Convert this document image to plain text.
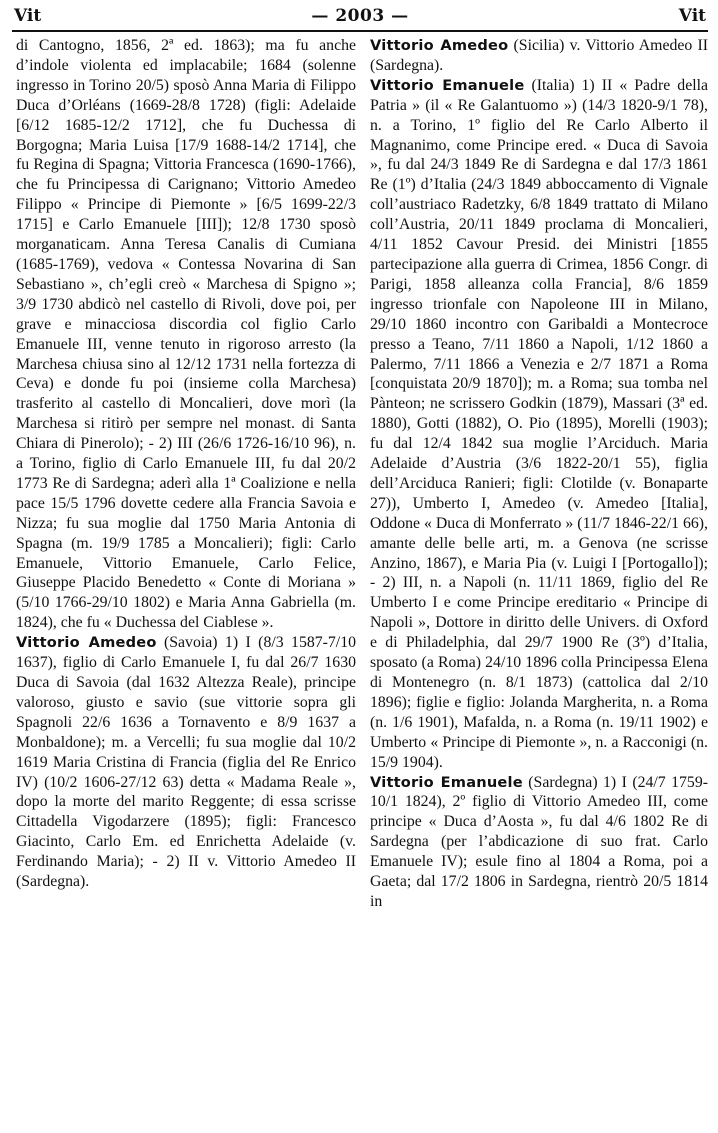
Vit	— 2003 —	Vit

di Cantogno, 1856, 2ª ed. 1863); ma fu anche d’indole violenta ed implacabile; 1684 (solenne ingresso in Torino 20/5) sposò Anna Maria di Filippo Duca d’Orléans (1669-28/8 1728) (figli: Adelaide [6/12 1685-12/2 1712], che fu Duchessa di Borgogna; Maria Luisa [17/9 1688-14/2 1714], che fu Regina di Spagna; Vittoria Francesca (1690-1766), che fu Principessa di Carignano; Vittorio Amedeo Filippo « Principe di Piemonte » [6/5 1699-22/3 1715] e Carlo Emanuele [III]); 12/8 1730 sposò morganaticam. Anna Teresa Canalis di Cumiana (1685-1769), vedova « Contessa Novarina di San Sebastiano », ch’egli creò « Marchesa di Spigno »; 3/9 1730 abdicò nel castello di Rivoli, dove poi, per grave e minacciosa discordia col figlio Carlo Emanuele III, venne tenuto in rigoroso arresto (la Marchesa chiusa sino al 12/12 1731 nella fortezza di Ceva) e donde fu poi (insieme colla Marchesa) trasferito al castello di Moncalieri, dove morì (la Marchesa si ritirò per sempre nel monast. di Santa Chiara di Pinerolo); - 2) III (26/6 1726-16/10 96), n. a Torino, figlio di Carlo Emanuele III, fu dal 20/2 1773 Re di Sardegna; aderì alla 1ª Coalizione e nella pace 15/5 1796 dovette cedere alla Francia Savoia e Nizza; fu sua moglie dal 1750 Maria Antonia di Spagna (m. 19/9 1785 a Moncalieri); figli: Carlo Emanuele, Vittorio Emanuele, Carlo Felice, Giuseppe Placido Benedetto « Conte di Moriana » (5/10 1766-29/10 1802) e Maria Anna Gabriella (m. 1824), che fu « Duchessa del Ciablese ».

Vittorio Amedeo (Savoia) 1) I (8/3 1587-7/10 1637), figlio di Carlo Emanuele I, fu dal 26/7 1630 Duca di Savoia (dal 1632 Altezza Reale), principe valoroso, giusto e savio (sue vittorie sopra gli Spagnoli 22/6 1636 a Tornavento e 8/9 1637 a Monbaldone); m. a Vercelli; fu sua moglie dal 10/2 1619 Maria Cristina di Francia (figlia del Re Enrico IV) (10/2 1606-27/12 63) detta « Madama Reale », dopo la morte del marito Reggente; di essa scrisse Cittadella Vigodarzere (1895); figli: Francesco Giacinto, Carlo Em. ed Enrichetta Adelaide (v. Ferdinando Maria); - 2) II v. Vittorio Amedeo II (Sardegna).

Vittorio Amedeo (Sicilia) v. Vittorio Amedeo II (Sardegna).

Vittorio Emanuele (Italia) 1) II « Padre della Patria » (il « Re Galantuomo ») (14/3 1820-9/1 78), n. a Torino, 1º figlio del Re Carlo Alberto il Magnanimo, come Principe ered. « Duca di Savoia », fu dal 24/3 1849 Re di Sardegna e dal 17/3 1861 Re (1º) d’Italia (24/3 1849 abboccamento di Vignale coll’austriaco Radetzky, 6/8 1849 trattato di Milano coll’Austria, 20/11 1849 proclama di Moncalieri, 4/11 1852 Cavour Presid. dei Ministri [1855 partecipazione alla guerra di Crimea, 1856 Congr. di Parigi, 1858 alleanza colla Francia], 8/6 1859 ingresso trionfale con Napoleone III in Milano, 29/10 1860 incontro con Garibaldi a Montecroce presso a Teano, 7/11 1860 a Napoli, 1/12 1860 a Palermo, 7/11 1866 a Venezia e 2/7 1871 a Roma [conquistata 20/9 1870]); m. a Roma; sua tomba nel Pànteon; ne scrissero Godkin (1879), Massari (3ª ed. 1880), Gotti (1882), O. Pio (1895), Morelli (1903); fu dal 12/4 1842 sua moglie l’Arciduch. Maria Adelaide d’Austria (3/6 1822-20/1 55), figlia dell’Arciduca Ranieri; figli: Clotilde (v. Bonaparte 27)), Umberto I, Amedeo (v. Amedeo [Italia], Oddone « Duca di Monferrato » (11/7 1846-22/1 66), amante delle belle arti, m. a Genova (ne scrisse Anzino, 1867), e Maria Pia (v. Luigi I [Portogallo]); - 2) III, n. a Napoli (n. 11/11 1869, figlio del Re Umberto I e come Principe ereditario « Principe di Napoli », Dottore in diritto delle Univers. di Oxford e di Philadelphia, dal 29/7 1900 Re (3º) d’Italia, sposato (a Roma) 24/10 1896 colla Principessa Elena di Montenegro (n. 8/1 1873) (cattolica dal 2/10 1896); figlie e figlio: Jolanda Margherita, n. a Roma (n. 1/6 1901), Mafalda, n. a Roma (n. 19/11 1902) e Umberto « Principe di Piemonte », n. a Racconigi (n. 15/9 1904).

Vittorio Emanuele (Sardegna) 1) I (24/7 1759-10/1 1824), 2º figlio di Vittorio Amedeo III, come principe « Duca d’Aosta », fu dal 4/6 1802 Re di Sardegna (per l’abdicazione di suo frat. Carlo Emanuele IV); esule fino al 1804 a Roma, poi a Gaeta; dal 17/2 1806 in Sardegna, rientrò 20/5 1814 in
